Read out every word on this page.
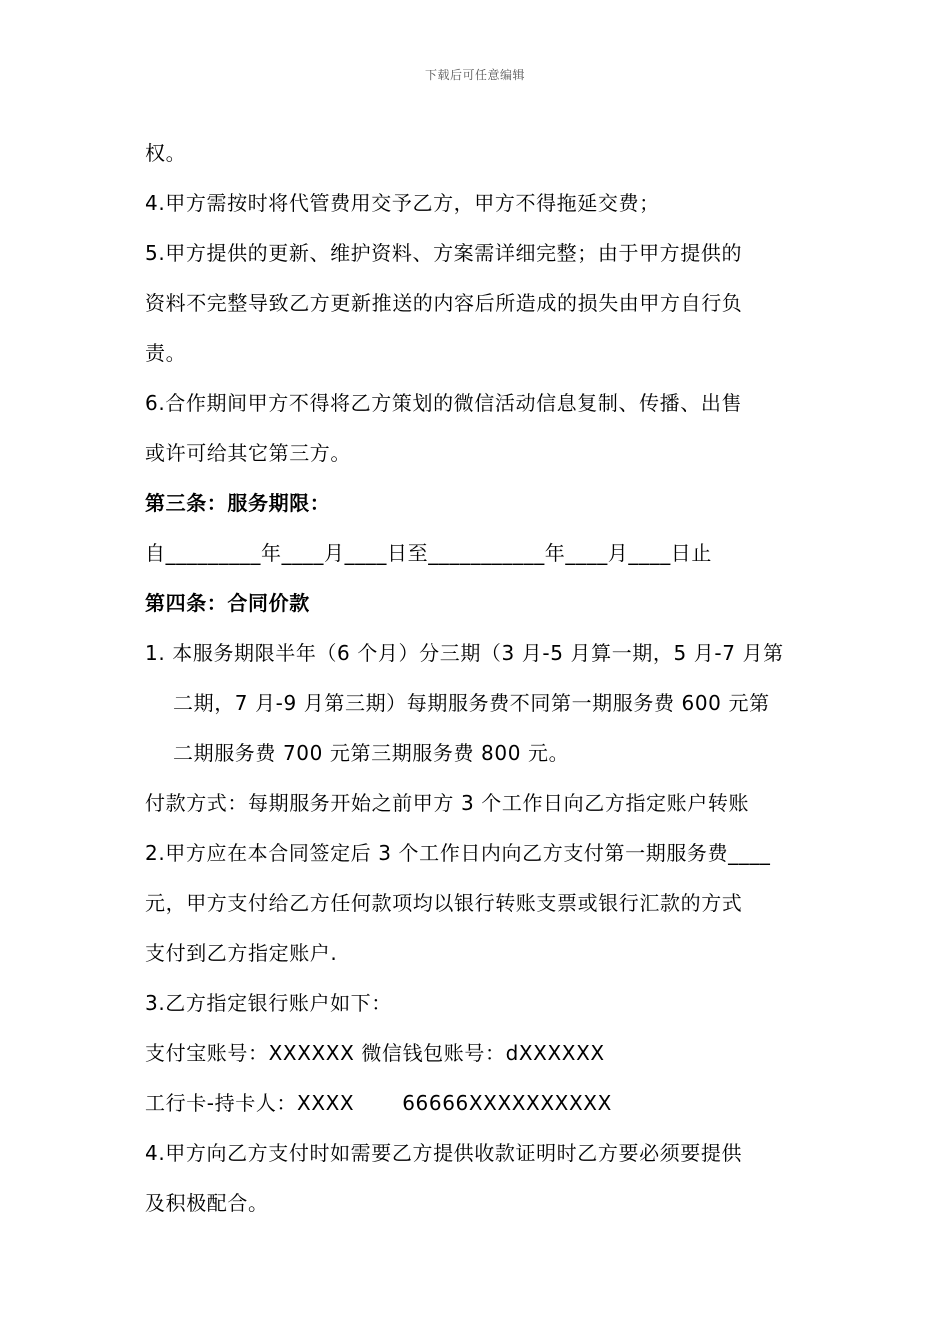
下载后可任意编辑
权。
4.甲方需按时将代管费用交予乙方，甲方不得拖延交费；
5.甲方提供的更新、维护资料、方案需详细完整；由于甲方提供的
资料不完整导致乙方更新推送的内容后所造成的损失由甲方自行负
责。
6.合作期间甲方不得将乙方策划的微信活动信息复制、传播、出售
或许可给其它第三方。
第三条：服务期限：
自_________年____月____日至___________年____月____日止
第四条：合同价款
1. 本服务期限半年（6 个月）分三期（3 月-5 月算一期，5 月-7 月第
二期，7 月-9 月第三期）每期服务费不同第一期服务费 600 元第
二期服务费 700 元第三期服务费 800 元。
付款方式：每期服务开始之前甲方 3 个工作日向乙方指定账户转账
2.甲方应在本合同签定后 3 个工作日内向乙方支付第一期服务费____
元，甲方支付给乙方任何款项均以银行转账支票或银行汇款的方式
支付到乙方指定账户.
3.乙方指定银行账户如下：
支付宝账号：XXXXXX 微信钱包账号：dXXXXXX
工行卡-持卡人：XXXX 66666XXXXXXXXXX
4.甲方向乙方支付时如需要乙方提供收款证明时乙方要必须要提供
及积极配合。
